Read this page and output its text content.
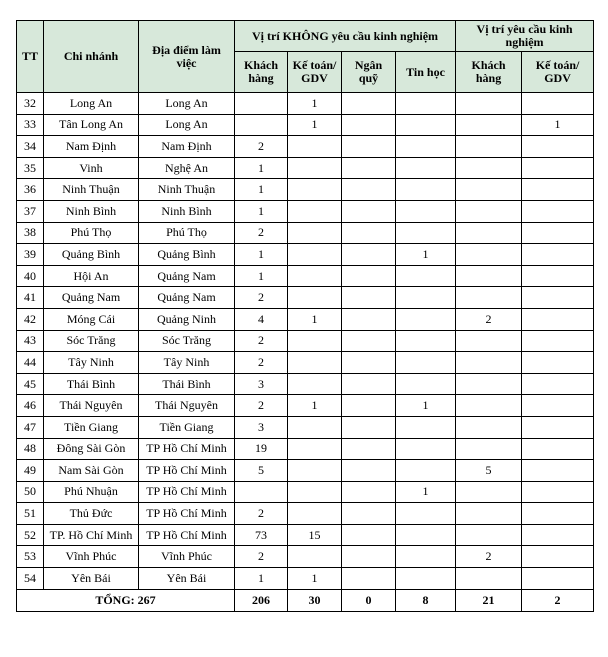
TT	Chi nhánh	Địa điểm làm việc	Vị trí KHÔNG yêu cầu kinh nghiệm				Vị trí yêu cầu kinh nghiệm	
			Khách hàng	Kế toán/ GDV	Ngân quỹ	Tin học	Khách hàng	Kế toán/ GDV
32	Long An	Long An		1				
33	Tân Long An	Long An		1				1
34	Nam Định	Nam Định	2					
35	Vinh	Nghệ An	1					
36	Ninh Thuận	Ninh Thuận	1					
37	Ninh Bình	Ninh Bình	1					
38	Phú Thọ	Phú Thọ	2					
39	Quảng Bình	Quảng Bình	1			1		
40	Hội An	Quảng Nam	1					
41	Quảng Nam	Quảng Nam	2					
42	Móng Cái	Quảng Ninh	4	1			2	
43	Sóc Trăng	Sóc Trăng	2					
44	Tây Ninh	Tây Ninh	2					
45	Thái Bình	Thái Bình	3					
46	Thái Nguyên	Thái Nguyên	2	1		1		
47	Tiền Giang	Tiền Giang	3					
48	Đông Sài Gòn	TP Hồ Chí Minh	19					
49	Nam Sài Gòn	TP Hồ Chí Minh	5				5	
50	Phú Nhuận	TP Hồ Chí Minh				1		
51	Thủ Đức	TP Hồ Chí Minh	2					
52	TP. Hồ Chí Minh	TP Hồ Chí Minh	73	15				
53	Vĩnh Phúc	Vĩnh Phúc	2				2	
54	Yên Bái	Yên Bái	1	1				
TỔNG: 267			206	30	0	8	21	2
